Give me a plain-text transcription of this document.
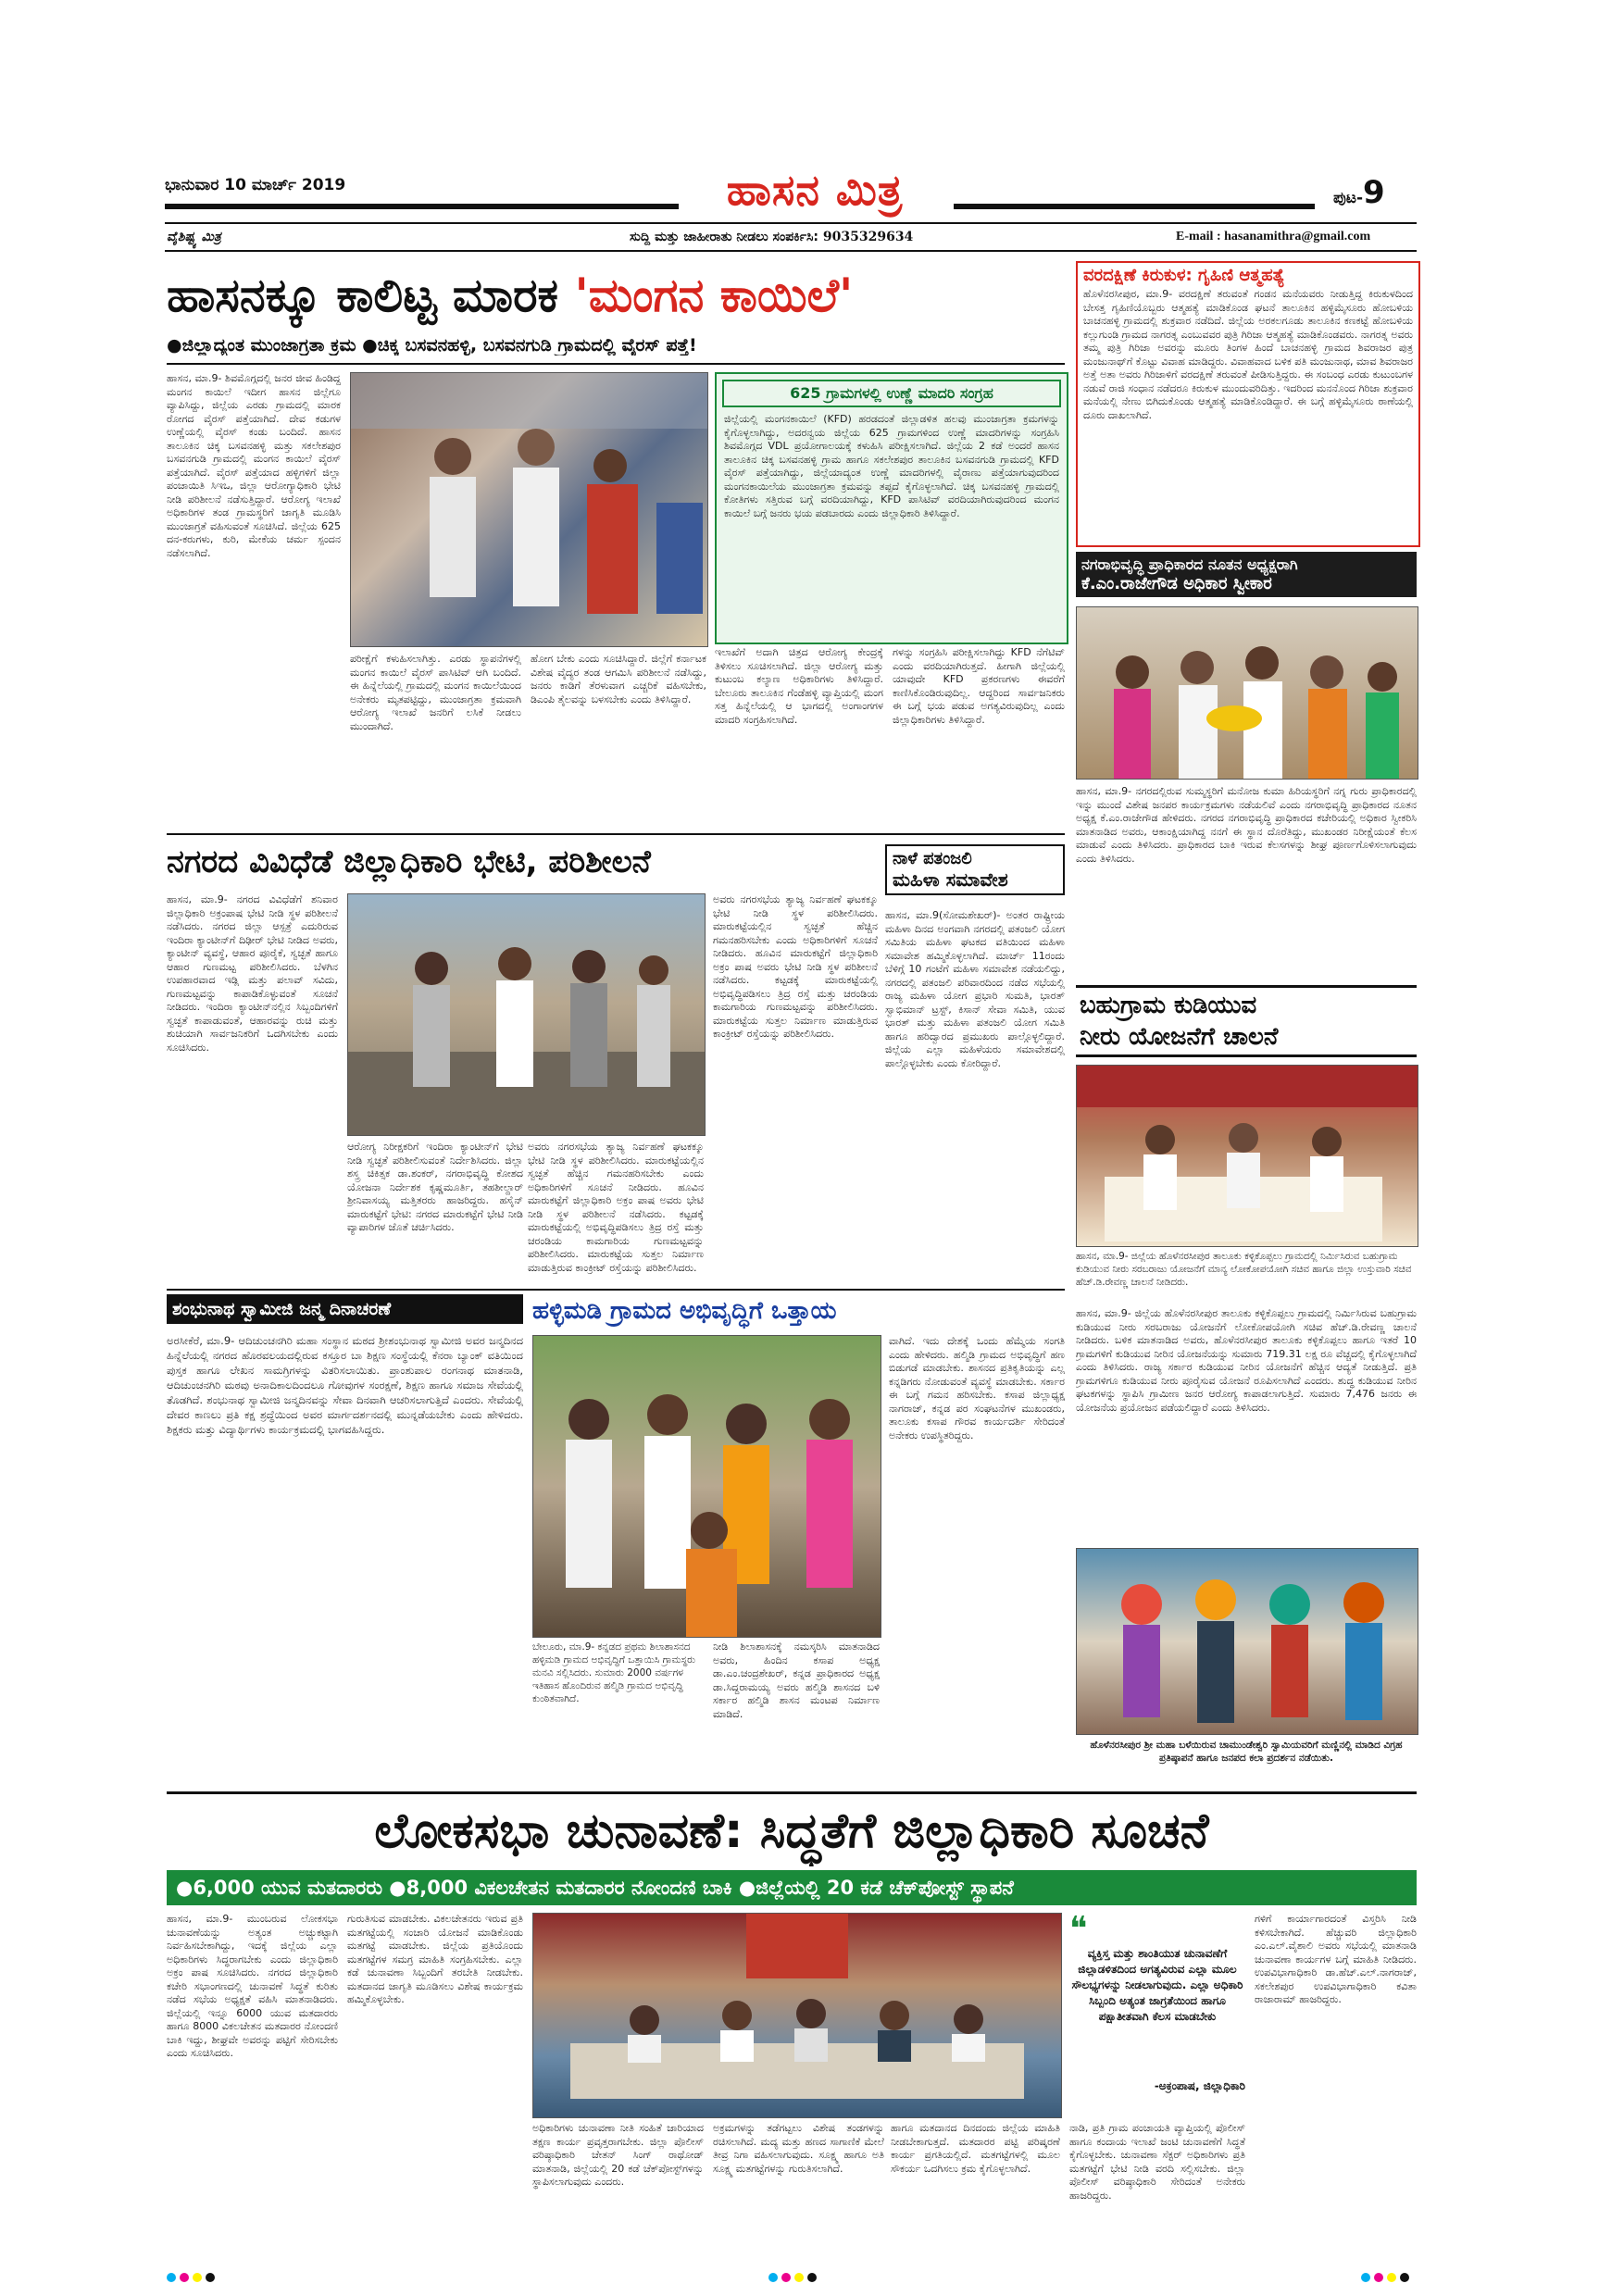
ಭಾನುವಾರ 10 ಮಾರ್ಚ್ 2019	ಹಾಸನ ಮಿತ್ರ	ಪುಟ-9
ವೈಶಿಷ್ಟ್ಯ ಮಿತ್ರ	ಸುದ್ದಿ ಮತ್ತು ಜಾಹೀರಾತು ನೀಡಲು ಸಂಪರ್ಕಿಸಿ: 9035329634	E-mail : hasanamithra@gmail.com
ಹಾಸನಕ್ಕೂ ಕಾಲಿಟ್ಟ ಮಾರಕ 'ಮಂಗನ ಕಾಯಿಲೆ'
●ಜಿಲ್ಲಾದ್ಯಂತ ಮುಂಜಾಗ್ರತಾ ಕ್ರಮ ●ಚಿಕ್ಕ ಬಸವನಹಳ್ಳಿ, ಬಸವನಗುಡಿ ಗ್ರಾಮದಲ್ಲಿ ವೈರಸ್ ಪತ್ತೆ!
ಹಾಸನ, ಮಾ.9- ಶಿವಮೊಗ್ಗದಲ್ಲಿ ಜನರ ಜೀವ ಹಿಂಡಿದ್ದ ಮಂಗನ ಕಾಯಿಲೆ ಇದೀಗ ಹಾಸನ ಜಿಲ್ಲೆಗೂ ವ್ಯಾಪಿಸಿದ್ದು, ಜಿಲ್ಲೆಯ ಎರಡು ಗ್ರಾಮದಲ್ಲಿ ಮಾರಕ ರೋಗದ ವೈರಸ್ ಪತ್ತೆಯಾಗಿದೆ. ದೇವ ಕಡುಗಳ ಉಣ್ಣೆಯಲ್ಲಿ ವೈರಸ್ ಕಂಡು ಬಂದಿದೆ. ಹಾಸನ ತಾಲೂಕಿನ ಚಿಕ್ಕ ಬಸವನಹಳ್ಳಿ ಮತ್ತು ಸಕಲೇಶಪುರ ಬಸವನಗುಡಿ ಗ್ರಾಮದಲ್ಲಿ ಮಂಗನ ಕಾಯಿಲೆ ವೈರಸ್ ಪತ್ತೆಯಾಗಿದೆ. ವೈರಸ್ ಪತ್ತೆಯಾದ ಹಳ್ಳಿಗಳಿಗೆ ಜಿಲ್ಲಾ ಪಂಚಾಯಿತಿ ಸಿಇಒ, ಜಿಲ್ಲಾ ಆರೋಗ್ಯಾಧಿಕಾರಿ ಭೇಟಿ ನೀಡಿ ಪರಿಶೀಲನೆ ನಡೆಸುತ್ತಿದ್ದಾರೆ. ಆರೋಗ್ಯ ಇಲಾಖೆ ಅಧಿಕಾರಿಗಳ ತಂಡ ಗ್ರಾಮಸ್ಥರಿಗೆ ಜಾಗೃತಿ ಮೂಡಿಸಿ ಮುಂಜಾಗ್ರತೆ ವಹಿಸುವಂತೆ ಸೂಚಿಸಿದೆ. ಜಿಲ್ಲೆಯ 625 ದನ-ಕರುಗಳು, ಕುರಿ, ಮೇಕೆಯ ಚರ್ಮ ಸ್ಪಂದನ ನಡೆಸಲಾಗಿದೆ.
ಪರೀಕ್ಷೆಗೆ ಕಳುಹಿಸಲಾಗಿತ್ತು. ಎರಡು ಸ್ಥಾಪನೆಗಳಲ್ಲಿ ಮಂಗನ ಕಾಯಿಲೆ ವೈರಸ್ ಪಾಸಿಟಿವ್ ಆಗಿ ಬಂದಿದೆ. ಈ ಹಿನ್ನೆಲೆಯಲ್ಲಿ ಗ್ರಾಮದಲ್ಲಿ ಮಂಗನ ಕಾಯಿಲೆಯಿಂದ ಅನೇಕರು ಮೃತಪಟ್ಟಿದ್ದು, ಮುಂಜಾಗ್ರತಾ ಕ್ರಮವಾಗಿ ಆರೋಗ್ಯ ಇಲಾಖೆ ಜನರಿಗೆ ಲಸಿಕೆ ನೀಡಲು ಮುಂದಾಗಿದೆ.
ಹೋಗ ಬೇಕು ಎಂದು ಸೂಚಿಸಿದ್ದಾರೆ. ಜಿಲ್ಲೆಗೆ ಕರ್ನಾಟಕ ವಿಶೇಷ ವೈದ್ಯರ ತಂಡ ಆಗಮಿಸಿ ಪರಿಶೀಲನೆ ನಡೆಸಿದ್ದು, ಜನರು ಕಾಡಿಗೆ ತೆರಳುವಾಗ ಎಚ್ಚರಿಕೆ ವಹಿಸಬೇಕು, ಡಿಎಂಪಿ ತೈಲವನ್ನು ಬಳಸಬೇಕು ಎಂದು ತಿಳಿಸಿದ್ದಾರೆ.
625 ಗ್ರಾಮಗಳಲ್ಲಿ ಉಣ್ಣೆ ಮಾದರಿ ಸಂಗ್ರಹ
ಜಿಲ್ಲೆಯಲ್ಲಿ ಮಂಗನಕಾಯಿಲೆ (KFD) ಹರಡದಂತೆ ಜಿಲ್ಲಾಡಳಿತ ಹಲವು ಮುಂಜಾಗ್ರತಾ ಕ್ರಮಗಳನ್ನು ಕೈಗೊಳ್ಳಲಾಗಿದ್ದು, ಅದರನ್ವಯ ಜಿಲ್ಲೆಯ 625 ಗ್ರಾಮಗಳಿಂದ ಉಣ್ಣೆ ಮಾದರಿಗಳನ್ನು ಸಂಗ್ರಹಿಸಿ ಶಿವಮೊಗ್ಗದ VDL ಪ್ರಯೋಗಾಲಯಕ್ಕೆ ಕಳುಹಿಸಿ ಪರೀಕ್ಷಿಸಲಾಗಿದೆ. ಜಿಲ್ಲೆಯ 2 ಕಡೆ ಅಂದರೆ ಹಾಸನ ತಾಲೂಕಿನ ಚಿಕ್ಕ ಬಸವನಹಳ್ಳಿ ಗ್ರಾಮ ಹಾಗೂ ಸಕಲೇಶಪುರ ತಾಲೂಕಿನ ಬಸವನಗುಡಿ ಗ್ರಾಮದಲ್ಲಿ KFD ವೈರಸ್ ಪತ್ತೆಯಾಗಿದ್ದು, ಜಿಲ್ಲೆಯಾದ್ಯಂತ ಉಣ್ಣೆ ಮಾದರಿಗಳಲ್ಲಿ ವೈರಾಣು ಪತ್ತೆಯಾಗುವುದರಿಂದ ಮಂಗನಕಾಯಿಲೆಯ ಮುಂಜಾಗ್ರತಾ ಕ್ರಮವನ್ನು ತಪ್ಪದೆ ಕೈಗೊಳ್ಳಲಾಗಿದೆ. ಚಿಕ್ಕ ಬಸವನಹಳ್ಳಿ ಗ್ರಾಮದಲ್ಲಿ ಕೋತಿಗಳು ಸತ್ತಿರುವ ಬಗ್ಗೆ ವರದಿಯಾಗಿದ್ದು, KFD ಪಾಸಿಟಿವ್ ವರದಿಯಾಗಿರುವುದರಿಂದ ಮಂಗನ ಕಾಯಿಲೆ ಬಗ್ಗೆ ಜನರು ಭಯ ಪಡಬಾರದು ಎಂದು ಜಿಲ್ಲಾಧಿಕಾರಿ ತಿಳಿಸಿದ್ದಾರೆ.
ಇಲಾಖೆಗೆ ಅದಾಗಿ ಚಿತ್ರದ ಆರೋಗ್ಯ ಕೇಂದ್ರಕ್ಕೆ ತಿಳಿಸಲು ಸೂಚಿಸಲಾಗಿದೆ. ಜಿಲ್ಲಾ ಆರೋಗ್ಯ ಮತ್ತು ಕುಟುಂಬ ಕಲ್ಯಾಣ ಅಧಿಕಾರಿಗಳು ತಿಳಿಸಿದ್ದಾರೆ. ಬೇಲೂರು ತಾಲೂಕಿನ ಗೆಂಡೆಹಳ್ಳಿ ವ್ಯಾಪ್ತಿಯಲ್ಲಿ ಮಂಗ ಸತ್ತ ಹಿನ್ನೆಲೆಯಲ್ಲಿ ಆ ಭಾಗದಲ್ಲಿ ಅಂಗಾಂಗಗಳ ಮಾದರಿ ಸಂಗ್ರಹಿಸಲಾಗಿದೆ.
ಗಳನ್ನು ಸಂಗ್ರಹಿಸಿ ಪರೀಕ್ಷಿಸಲಾಗಿದ್ದು KFD ನೆಗೆಟಿವ್ ಎಂದು ವರದಿಯಾಗಿರುತ್ತದೆ. ಹೀಗಾಗಿ ಜಿಲ್ಲೆಯಲ್ಲಿ ಯಾವುದೇ KFD ಪ್ರಕರಣಗಳು ಈವರೆಗೆ ಕಾಣಿಸಿಕೊಂಡಿರುವುದಿಲ್ಲ. ಆದ್ದರಿಂದ ಸಾರ್ವಜನಿಕರು ಈ ಬಗ್ಗೆ ಭಯ ಪಡುವ ಅಗತ್ಯವಿರುವುದಿಲ್ಲ ಎಂದು ಜಿಲ್ಲಾಧಿಕಾರಿಗಳು ತಿಳಿಸಿದ್ದಾರೆ.
ವರದಕ್ಷಿಣೆ ಕಿರುಕುಳ: ಗೃಹಿಣಿ ಆತ್ಮಹತ್ಯೆ
ಹೊಳೆನರಸೀಪುರ, ಮಾ.9- ವರದಕ್ಷಿಣೆ ತರುವಂತೆ ಗಂಡನ ಮನೆಯವರು ನೀಡುತ್ತಿದ್ದ ಕಿರುಕುಳದಿಂದ ಬೇಸತ್ತ ಗೃಹಿಣಿಯೊಬ್ಬರು ಆತ್ಮಹತ್ಯೆ ಮಾಡಿಕೊಂಡ ಘಟನೆ ತಾಲೂಕಿನ ಹಳ್ಳಿಮೈಸೂರು ಹೋಬಳಿಯ ಬಾಚನಹಳ್ಳಿ ಗ್ರಾಮದಲ್ಲಿ ಶುಕ್ರವಾರ ನಡೆದಿದೆ. ಜಿಲ್ಲೆಯ ಅರಕಲಗೂಡು ತಾಲೂಕಿನ ಕಣಕಟ್ಟೆ ಹೋಬಳಿಯ ಕಲ್ಲುಗುಂಡಿ ಗ್ರಾಮದ ನಾಗರತ್ನ ಎಂಬುವವರ ಪುತ್ರಿ ಗಿರಿಜಾ ಆತ್ಮಹತ್ಯೆ ಮಾಡಿಕೊಂಡವರು. ನಾಗರತ್ನ ಅವರು ತಮ್ಮ ಪುತ್ರಿ ಗಿರಿಜಾ ಅವರನ್ನು ಮೂರು ತಿಂಗಳ ಹಿಂದೆ ಬಾಚನಹಳ್ಳಿ ಗ್ರಾಮದ ಶಿವರಾಜರ ಪುತ್ರ ಮಂಜುನಾಥ್‌ಗೆ ಕೊಟ್ಟು ವಿವಾಹ ಮಾಡಿದ್ದರು. ವಿವಾಹವಾದ ಬಳಿಕ ಪತಿ ಮಂಜುನಾಥ, ಮಾವ ಶಿವರಾಜರ ಅತ್ತೆ ಅತಾ ಅವರು ಗಿರಿಜಾಳಿಗೆ ವರದಕ್ಷಿಣೆ ತರುವಂತೆ ಪೀಡಿಸುತ್ತಿದ್ದರು. ಈ ಸಂಬಂಧ ಎರಡು ಕುಟುಂಬಗಳ ನಡುವೆ ರಾಜಿ ಸಂಧಾನ ನಡೆದರೂ ಕಿರುಕುಳ ಮುಂದುವರಿದಿತ್ತು. ಇದರಿಂದ ಮನನೊಂದ ಗಿರಿಜಾ ಶುಕ್ರವಾರ ಮನೆಯಲ್ಲಿ ನೇಣು ಬಿಗಿದುಕೊಂಡು ಆತ್ಮಹತ್ಯೆ ಮಾಡಿಕೊಂಡಿದ್ದಾರೆ. ಈ ಬಗ್ಗೆ ಹಳ್ಳಿಮೈಸೂರು ಠಾಣೆಯಲ್ಲಿ ದೂರು ದಾಖಲಾಗಿದೆ.
ನಗರಾಭಿವೃದ್ಧಿ ಪ್ರಾಧಿಕಾರದ ನೂತನ ಅಧ್ಯಕ್ಷರಾಗಿ
ಕೆ.ಎಂ.ರಾಜೇಗೌಡ ಅಧಿಕಾರ ಸ್ವೀಕಾರ
ಹಾಸನ, ಮಾ.9- ನಗರದಲ್ಲಿರುವ ಸುಮ್ಮಸ್ಥರಿಗೆ ಮನೋಜ ಕುಮಾ ಹಿರಿಯಸ್ಥರಿಗೆ ನಗ್ನ ಗುರು ಪ್ರಾಧಿಕಾರದಲ್ಲಿ ಇನ್ನು ಮುಂದೆ ವಿಶೇಷ ಜನಪರ ಕಾರ್ಯಕ್ರಮಗಳು ನಡೆಯಲಿವೆ ಎಂದು ನಗರಾಭಿವೃದ್ಧಿ ಪ್ರಾಧಿಕಾರದ ನೂತನ ಅಧ್ಯಕ್ಷ ಕೆ.ಎಂ.ರಾಜೇಗೌಡ ಹೇಳಿದರು. ನಗರದ ನಗರಾಭಿವೃದ್ಧಿ ಪ್ರಾಧಿಕಾರದ ಕಚೇರಿಯಲ್ಲಿ ಅಧಿಕಾರ ಸ್ವೀಕರಿಸಿ ಮಾತನಾಡಿದ ಅವರು, ಆಕಾಂಕ್ಷಿಯಾಗಿದ್ದ ನನಗೆ ಈ ಸ್ಥಾನ ದೊರೆತಿದ್ದು, ಮುಖಂಡರ ನಿರೀಕ್ಷೆಯಂತೆ ಕೆಲಸ ಮಾಡುವೆ ಎಂದು ತಿಳಿಸಿದರು. ಪ್ರಾಧಿಕಾರದ ಬಾಕಿ ಇರುವ ಕೆಲಸಗಳನ್ನು ಶೀಘ್ರ ಪೂರ್ಣಗೊಳಿಸಲಾಗುವುದು ಎಂದು ತಿಳಿಸಿದರು.
ಬಹುಗ್ರಾಮ ಕುಡಿಯುವ
ನೀರು ಯೋಜನೆಗೆ ಚಾಲನೆ
ಹಾಸನ, ಮಾ.9- ಜಿಲ್ಲೆಯ ಹೊಳೆನರಸೀಪುರ ತಾಲೂಕು ಕಳ್ಳಿಕೊಪ್ಪಲು ಗ್ರಾಮದಲ್ಲಿ ನಿರ್ಮಿಸಿರುವ ಬಹುಗ್ರಾಮ ಕುಡಿಯುವ ನೀರು ಸರಬರಾಜು ಯೋಜನೆಗೆ ಮಾನ್ಯ ಲೋಕೋಪಯೋಗಿ ಸಚಿವ ಹಾಗೂ ಜಿಲ್ಲಾ ಉಸ್ತುವಾರಿ ಸಚಿವ ಹೆಚ್.ಡಿ.ರೇವಣ್ಣ ಚಾಲನೆ ನೀಡಿದರು.
ಹಾಸನ, ಮಾ.9- ಜಿಲ್ಲೆಯ ಹೊಳೆನರಸೀಪುರ ತಾಲೂಕು ಕಳ್ಳಿಕೊಪ್ಪಲು ಗ್ರಾಮದಲ್ಲಿ ನಿರ್ಮಿಸಿರುವ ಬಹುಗ್ರಾಮ ಕುಡಿಯುವ ನೀರು ಸರಬರಾಜು ಯೋಜನೆಗೆ ಲೋಕೋಪಯೋಗಿ ಸಚಿವ ಹೆಚ್.ಡಿ.ರೇವಣ್ಣ ಚಾಲನೆ ನೀಡಿದರು. ಬಳಿಕ ಮಾತನಾಡಿದ ಅವರು, ಹೊಳೆನರಸೀಪುರ ತಾಲೂಕು ಕಳ್ಳಿಕೊಪ್ಪಲು ಹಾಗೂ ಇತರೆ 10 ಗ್ರಾಮಗಳಿಗೆ ಕುಡಿಯುವ ನೀರಿನ ಯೋಜನೆಯನ್ನು ಸುಮಾರು 719.31 ಲಕ್ಷ ರೂ ವೆಚ್ಚದಲ್ಲಿ ಕೈಗೊಳ್ಳಲಾಗಿದೆ ಎಂದು ತಿಳಿಸಿದರು. ರಾಜ್ಯ ಸರ್ಕಾರ ಕುಡಿಯುವ ನೀರಿನ ಯೋಜನೆಗೆ ಹೆಚ್ಚಿನ ಆದ್ಯತೆ ನೀಡುತ್ತಿದೆ. ಪ್ರತಿ ಗ್ರಾಮಗಳಿಗೂ ಕುಡಿಯುವ ನೀರು ಪೂರೈಸುವ ಯೋಜನೆ ರೂಪಿಸಲಾಗಿದೆ ಎಂದರು. ಶುದ್ಧ ಕುಡಿಯುವ ನೀರಿನ ಘಟಕಗಳನ್ನು ಸ್ಥಾಪಿಸಿ ಗ್ರಾಮೀಣ ಜನರ ಆರೋಗ್ಯ ಕಾಪಾಡಲಾಗುತ್ತಿದೆ. ಸುಮಾರು 7,476 ಜನರು ಈ ಯೋಜನೆಯ ಪ್ರಯೋಜನ ಪಡೆಯಲಿದ್ದಾರೆ ಎಂದು ತಿಳಿಸಿದರು.
ಹೊಳೆನರಸೀಪುರ ಶ್ರೀ ಮಹಾ ಬಳೆಯಿರುವ ಚಾಮುಂಡೇಶ್ವರಿ ಸ್ವಾಮಿಯವರಿಗೆ ಮಣ್ಣಿನಲ್ಲಿ ಮಾಡಿದ ವಿಗ್ರಹ ಪ್ರತಿಷ್ಠಾಪನೆ ಹಾಗೂ ಜನಪದ ಕಲಾ ಪ್ರದರ್ಶನ ನಡೆಯಿತು.
ನಗರದ ವಿವಿಧೆಡೆ ಜಿಲ್ಲಾಧಿಕಾರಿ ಭೇಟಿ, ಪರಿಶೀಲನೆ
ಹಾಸನ, ಮಾ.9- ನಗರದ ವಿವಿಧೆಡೆಗೆ ಶನಿವಾರ ಜಿಲ್ಲಾಧಿಕಾರಿ ಅಕ್ರಂಪಾಷ ಭೇಟಿ ನೀಡಿ ಸ್ಥಳ ಪರಿಶೀಲನೆ ನಡೆಸಿದರು. ನಗರದ ಜಿಲ್ಲಾ ಆಸ್ಪತ್ರೆ ಎದುರಿರುವ ಇಂದಿರಾ ಕ್ಯಾಂಟೀನ್‌ಗೆ ದಿಢೀರ್ ಭೇಟಿ ನೀಡಿದ ಅವರು, ಕ್ಯಾಂಟೀನ್ ವ್ಯವಸ್ಥೆ, ಆಹಾರ ಪೂರೈಕೆ, ಸ್ವಚ್ಛತೆ ಹಾಗೂ ಆಹಾರ ಗುಣಮಟ್ಟ ಪರಿಶೀಲಿಸಿದರು. ಬೆಳಗಿನ ಉಪಹಾರವಾದ ಇಡ್ಲಿ ಮತ್ತು ಪಲಾವ್ ಸವಿದು, ಗುಣಮಟ್ಟವನ್ನು ಕಾಪಾಡಿಕೊಳ್ಳುವಂತೆ ಸೂಚನೆ ನೀಡಿದರು. ಇಂದಿರಾ ಕ್ಯಾಂಟೀನ್‌ನಲ್ಲಿನ ಸಿಬ್ಬಂದಿಗಳಿಗೆ ಸ್ವಚ್ಛತೆ ಕಾಪಾಡುವಂತೆ, ಆಹಾರವನ್ನು ರುಚಿ ಮತ್ತು ಶುಚಿಯಾಗಿ ಸಾರ್ವಜನಿಕರಿಗೆ ಒದಗಿಸಬೇಕು ಎಂದು ಸೂಚಿಸಿದರು.
ಆರೋಗ್ಯ ನಿರೀಕ್ಷಕರಿಗೆ ಇಂದಿರಾ ಕ್ಯಾಂಟೀನ್‌ಗೆ ಭೇಟಿ ನೀಡಿ ಸ್ವಚ್ಛತೆ ಪರಿಶೀಲಿಸುವಂತೆ ನಿರ್ದೇಶಿಸಿದರು. ಜಿಲ್ಲಾ ಶಸ್ತ್ರ ಚಿಕಿತ್ಸಕ ಡಾ.ಶಂಕರ್, ನಗರಾಭಿವೃದ್ಧಿ ಕೋಶದ ಯೋಜನಾ ನಿರ್ದೇಶಕ ಕೃಷ್ಣಮೂರ್ತಿ, ತಹಶೀಲ್ದಾರ್ ಶ್ರೀನಿವಾಸಯ್ಯ ಮತ್ತಿತರರು ಹಾಜರಿದ್ದರು. ಹಸೈನ್ ಮಾರುಕಟ್ಟೆಗೆ ಭೇಟಿ: ನಗರದ ಮಾರುಕಟ್ಟೆಗೆ ಭೇಟಿ ನೀಡಿ ವ್ಯಾಪಾರಿಗಳ ಜೊತೆ ಚರ್ಚಿಸಿದರು.
ಅವರು ನಗರಸಭೆಯ ತ್ಯಾಜ್ಯ ನಿರ್ವಹಣೆ ಘಟಕಕ್ಕೂ ಭೇಟಿ ನೀಡಿ ಸ್ಥಳ ಪರಿಶೀಲಿಸಿದರು. ಮಾರುಕಟ್ಟೆಯಲ್ಲಿನ ಸ್ವಚ್ಛತೆ ಹೆಚ್ಚಿನ ಗಮನಹರಿಸಬೇಕು ಎಂದು ಅಧಿಕಾರಿಗಳಿಗೆ ಸೂಚನೆ ನೀಡಿದರು. ಹೂವಿನ ಮಾರುಕಟ್ಟೆಗೆ ಜಿಲ್ಲಾಧಿಕಾರಿ ಅಕ್ರಂ ಪಾಷ ಅವರು ಭೇಟಿ ನೀಡಿ ಸ್ಥಳ ಪರಿಶೀಲನೆ ನಡೆಸಿದರು. ಕಟ್ಟಡಕ್ಕೆ ಮಾರುಕಟ್ಟೆಯಲ್ಲಿ ಅಭಿವೃದ್ಧಿಪಡಿಸಲು ತ್ರಿದ್ರ ರಸ್ತೆ ಮತ್ತು ಚರಂಡಿಯ ಕಾಮಗಾರಿಯ ಗುಣಮಟ್ಟವನ್ನು ಪರಿಶೀಲಿಸಿದರು. ಮಾರುಕಟ್ಟೆಯ ಸುತ್ತಲ ನಿರ್ಮಾಣ ಮಾಡುತ್ತಿರುವ ಕಾಂಕ್ರೀಟ್ ರಸ್ತೆಯನ್ನು ಪರಿಶೀಲಿಸಿದರು.
ಅವರು ನಗರಸಭೆಯ ತ್ಯಾಜ್ಯ ನಿರ್ವಹಣೆ ಘಟಕಕ್ಕೂ ಭೇಟಿ ನೀಡಿ ಸ್ಥಳ ಪರಿಶೀಲಿಸಿದರು. ಮಾರುಕಟ್ಟೆಯಲ್ಲಿನ ಸ್ವಚ್ಛತೆ ಹೆಚ್ಚಿನ ಗಮನಹರಿಸಬೇಕು ಎಂದು ಅಧಿಕಾರಿಗಳಿಗೆ ಸೂಚನೆ ನೀಡಿದರು. ಹೂವಿನ ಮಾರುಕಟ್ಟೆಗೆ ಜಿಲ್ಲಾಧಿಕಾರಿ ಅಕ್ರಂ ಪಾಷ ಅವರು ಭೇಟಿ ನೀಡಿ ಸ್ಥಳ ಪರಿಶೀಲನೆ ನಡೆಸಿದರು. ಕಟ್ಟಡಕ್ಕೆ ಮಾರುಕಟ್ಟೆಯಲ್ಲಿ ಅಭಿವೃದ್ಧಿಪಡಿಸಲು ತ್ರಿದ್ರ ರಸ್ತೆ ಮತ್ತು ಚರಂಡಿಯ ಕಾಮಗಾರಿಯ ಗುಣಮಟ್ಟವನ್ನು ಪರಿಶೀಲಿಸಿದರು. ಮಾರುಕಟ್ಟೆಯ ಸುತ್ತಲ ನಿರ್ಮಾಣ ಮಾಡುತ್ತಿರುವ ಕಾಂಕ್ರೀಟ್ ರಸ್ತೆಯನ್ನು ಪರಿಶೀಲಿಸಿದರು.
ನಾಳೆ ಪತಂಜಲಿ
ಮಹಿಳಾ ಸಮಾವೇಶ
ಹಾಸನ, ಮಾ.9(ಸೋಮಶೇಖರ್)- ಅಂತರ ರಾಷ್ಟ್ರೀಯ ಮಹಿಳಾ ದಿನದ ಅಂಗವಾಗಿ ನಗರದಲ್ಲಿ ಪತಂಜಲಿ ಯೋಗ ಸಮಿತಿಯ ಮಹಿಳಾ ಘಟಕದ ವತಿಯಿಂದ ಮಹಿಳಾ ಸಮಾವೇಶ ಹಮ್ಮಿಕೊಳ್ಳಲಾಗಿದೆ. ಮಾರ್ಚ್ 11ರಂದು ಬೆಳಿಗ್ಗೆ 10 ಗಂಟೆಗೆ ಮಹಿಳಾ ಸಮಾವೇಶ ನಡೆಯಲಿದ್ದು, ನಗರದಲ್ಲಿ ಪತಂಜಲಿ ಪರಿವಾರದಿಂದ ನಡೆದ ಸಭೆಯಲ್ಲಿ ರಾಜ್ಯ ಮಹಿಳಾ ಯೋಗ ಪ್ರಭಾರಿ ಸುಮತಿ, ಭಾರತ್ ಸ್ವಾಭಿಮಾನ್ ಟ್ರಸ್ಟ್, ಕಿಸಾನ್ ಸೇವಾ ಸಮಿತಿ, ಯುವ ಭಾರತ್ ಮತ್ತು ಮಹಿಳಾ ಪತಂಜಲಿ ಯೋಗ ಸಮಿತಿ ಹಾಗೂ ಹರಿದ್ವಾರದ ಪ್ರಮುಖರು ಪಾಲ್ಗೊಳ್ಳಲಿದ್ದಾರೆ. ಜಿಲ್ಲೆಯ ಎಲ್ಲಾ ಮಹಿಳೆಯರು ಸಮಾವೇಶದಲ್ಲಿ ಪಾಲ್ಗೊಳ್ಳಬೇಕು ಎಂದು ಕೋರಿದ್ದಾರೆ.
ಶಂಭುನಾಥ ಸ್ವಾಮೀಜಿ ಜನ್ಮ ದಿನಾಚರಣೆ
ಅರಸೀಕೆರೆ, ಮಾ.9- ಆದಿಚುಂಚನಗಿರಿ ಮಹಾ ಸಂಸ್ಥಾನ ಮಠದ ಶ್ರೀಶಂಭುನಾಥ ಸ್ವಾಮೀಜಿ ಅವರ ಜನ್ಮದಿನದ ಹಿನ್ನೆಲೆಯಲ್ಲಿ ನಗರದ ಹೊರವಲಯದಲ್ಲಿರುವ ಕಸ್ತೂರ ಬಾ ಶಿಕ್ಷಣ ಸಂಸ್ಥೆಯಲ್ಲಿ ಕೆನರಾ ಬ್ಯಾಂಕ್ ವತಿಯಿಂದ ಪುಸ್ತಕ ಹಾಗೂ ಲೇಖನ ಸಾಮಗ್ರಿಗಳನ್ನು ವಿತರಿಸಲಾಯಿತು. ಪ್ರಾಂಶುಪಾಲ ರಂಗನಾಥ ಮಾತನಾಡಿ, ಆದಿಚುಂಚನಗಿರಿ ಮಠವು ಅನಾದಿಕಾಲದಿಂದಲೂ ಗೋವುಗಳ ಸಂರಕ್ಷಣೆ, ಶಿಕ್ಷಣ ಹಾಗೂ ಸಮಾಜ ಸೇವೆಯಲ್ಲಿ ತೊಡಗಿದೆ. ಶಂಭುನಾಥ ಸ್ವಾಮೀಜಿ ಜನ್ಮದಿನವನ್ನು ಸೇವಾ ದಿನವಾಗಿ ಆಚರಿಸಲಾಗುತ್ತಿದೆ ಎಂದರು. ಸೇವೆಯಲ್ಲಿ ದೇವರ ಕಾಣಲು ಪ್ರತಿ ಕಕ್ಷ ಶ್ರದ್ಧೆಯಿಂದ ಅವರ ಮಾರ್ಗದರ್ಶನದಲ್ಲಿ ಮುನ್ನಡೆಯಬೇಕು ಎಂದು ಹೇಳಿದರು. ಶಿಕ್ಷಕರು ಮತ್ತು ವಿದ್ಯಾರ್ಥಿಗಳು ಕಾರ್ಯಕ್ರಮದಲ್ಲಿ ಭಾಗವಹಿಸಿದ್ದರು.
ಹಳ್ಳಿಮಡಿ ಗ್ರಾಮದ ಅಭಿವೃದ್ಧಿಗೆ ಒತ್ತಾಯ
ಬೇಲೂರು, ಮಾ.9- ಕನ್ನಡದ ಪ್ರಥಮ ಶಿಲಾಶಾಸನದ ಹಳ್ಳಿಮಡಿ ಗ್ರಾಮದ ಅಭಿವೃದ್ಧಿಗೆ ಒತ್ತಾಯಿಸಿ ಗ್ರಾಮಸ್ಥರು ಮನವಿ ಸಲ್ಲಿಸಿದರು. ಸುಮಾರು 2000 ವರ್ಷಗಳ ಇತಿಹಾಸ ಹೊಂದಿರುವ ಹಲ್ಮಿಡಿ ಗ್ರಾಮದ ಅಭಿವೃದ್ಧಿ ಕುಂಠಿತವಾಗಿದೆ.
ನೀಡಿ ಶಿಲಾಶಾಸನಕ್ಕೆ ನಮಸ್ಕರಿಸಿ ಮಾತನಾಡಿದ ಅವರು, ಹಿಂದಿನ ಕಸಾಪ ಅಧ್ಯಕ್ಷ ಡಾ.ಎಂ.ಚಂದ್ರಶೇಖರ್, ಕನ್ನಡ ಪ್ರಾಧಿಕಾರದ ಅಧ್ಯಕ್ಷ ಡಾ.ಸಿದ್ದರಾಮಯ್ಯ ಅವರು ಹಲ್ಮಿಡಿ ಶಾಸನದ ಬಳಿ ಸರ್ಕಾರ ಹಲ್ಮಿಡಿ ಶಾಸನ ಮಂಟಪ ನಿರ್ಮಾಣ ಮಾಡಿದೆ.
ವಾಗಿದೆ. ಇದು ದೇಶಕ್ಕೆ ಒಂದು ಹೆಮ್ಮೆಯ ಸಂಗತಿ ಎಂದು ಹೇಳಿದರು. ಹಲ್ಮಿಡಿ ಗ್ರಾಮದ ಅಭಿವೃದ್ಧಿಗೆ ಹಣ ಬಿಡುಗಡೆ ಮಾಡಬೇಕು. ಶಾಸನದ ಪ್ರತಿಕೃತಿಯನ್ನು ಎಲ್ಲ ಕನ್ನಡಿಗರು ನೋಡುವಂತೆ ವ್ಯವಸ್ಥೆ ಮಾಡಬೇಕು. ಸರ್ಕಾರ ಈ ಬಗ್ಗೆ ಗಮನ ಹರಿಸಬೇಕು. ಕಸಾಪ ಜಿಲ್ಲಾಧ್ಯಕ್ಷ ನಾಗರಾಜ್, ಕನ್ನಡ ಪರ ಸಂಘಟನೆಗಳ ಮುಖಂಡರು, ತಾಲೂಕು ಕಸಾಪ ಗೌರವ ಕಾರ್ಯದರ್ಶಿ ಸೇರಿದಂತೆ ಅನೇಕರು ಉಪಸ್ಥಿತರಿದ್ದರು.
ಲೋಕಸಭಾ ಚುನಾವಣೆ: ಸಿದ್ಧತೆಗೆ ಜಿಲ್ಲಾಧಿಕಾರಿ ಸೂಚನೆ
●6,000 ಯುವ ಮತದಾರರು ●8,000 ವಿಕಲಚೇತನ ಮತದಾರರ ನೋಂದಣಿ ಬಾಕಿ ●ಜಿಲ್ಲೆಯಲ್ಲಿ 20 ಕಡೆ ಚೆಕ್‌ಪೋಸ್ಟ್ ಸ್ಥಾಪನೆ
ಹಾಸನ, ಮಾ.9- ಮುಂಬರುವ ಲೋಕಸಭಾ ಚುನಾವಣೆಯನ್ನು ಅತ್ಯಂತ ಅಚ್ಚುಕಟ್ಟಾಗಿ ನಿರ್ವಹಿಸಬೇಕಾಗಿದ್ದು, ಇದಕ್ಕೆ ಜಿಲ್ಲೆಯ ಎಲ್ಲಾ ಅಧಿಕಾರಿಗಳು ಸಿದ್ಧರಾಗಬೇಕು ಎಂದು ಜಿಲ್ಲಾಧಿಕಾರಿ ಅಕ್ರಂ ಪಾಷ ಸೂಚಿಸಿದರು. ನಗರದ ಜಿಲ್ಲಾಧಿಕಾರಿ ಕಚೇರಿ ಸಭಾಂಗಣದಲ್ಲಿ ಚುನಾವಣೆ ಸಿದ್ಧತೆ ಕುರಿತು ನಡೆದ ಸಭೆಯ ಅಧ್ಯಕ್ಷತೆ ವಹಿಸಿ ಮಾತನಾಡಿದರು. ಜಿಲ್ಲೆಯಲ್ಲಿ ಇನ್ನೂ 6000 ಯುವ ಮತದಾರರು ಹಾಗೂ 8000 ವಿಕಲಚೇತನ ಮತದಾರರ ನೋಂದಣಿ ಬಾಕಿ ಇದ್ದು, ಶೀಘ್ರವೇ ಅವರನ್ನು ಪಟ್ಟಿಗೆ ಸೇರಿಸಬೇಕು ಎಂದು ಸೂಚಿಸಿದರು.
ಗುರುತಿಸುವ ಮಾಡಬೇಕು. ವಿಕಲಚೇತನರು ಇರುವ ಪ್ರತಿ ಮತಗಟ್ಟೆಯಲ್ಲಿ ಸಂಚಾರಿ ಯೋಜನೆ ಮಾಡಿಕೊಂಡು ಮತಗಟ್ಟೆ ಮಾಡಬೇಕು. ಜಿಲ್ಲೆಯ ಪ್ರತಿಯೊಂದು ಮತಗಟ್ಟೆಗಳ ಸಮಗ್ರ ಮಾಹಿತಿ ಸಂಗ್ರಹಿಸಬೇಕು. ಎಲ್ಲಾ ಕಡೆ ಚುನಾವಣಾ ಸಿಬ್ಬಂದಿಗೆ ತರಬೇತಿ ನೀಡಬೇಕು. ಮತದಾನದ ಜಾಗೃತಿ ಮೂಡಿಸಲು ವಿಶೇಷ ಕಾರ್ಯಕ್ರಮ ಹಮ್ಮಿಕೊಳ್ಳಬೇಕು.
ಅಧಿಕಾರಿಗಳು ಚುನಾವಣಾ ನೀತಿ ಸಂಹಿತೆ ಜಾರಿಯಾದ ತಕ್ಷಣ ಕಾರ್ಯ ಪ್ರವೃತ್ತರಾಗಬೇಕು. ಜಿಲ್ಲಾ ಪೊಲೀಸ್ ವರಿಷ್ಠಾಧಿಕಾರಿ ಚೇತನ್ ಸಿಂಗ್ ರಾಥೋಡ್ ಮಾತನಾಡಿ, ಜಿಲ್ಲೆಯಲ್ಲಿ 20 ಕಡೆ ಚೆಕ್‌ಪೋಸ್ಟ್‌ಗಳನ್ನು ಸ್ಥಾಪಿಸಲಾಗುವುದು ಎಂದರು.
ಅಕ್ರಮಗಳನ್ನು ತಡೆಗಟ್ಟಲು ವಿಶೇಷ ತಂಡಗಳನ್ನು ರಚಿಸಲಾಗಿದೆ. ಮದ್ಯ ಮತ್ತು ಹಣದ ಸಾಗಾಣಿಕೆ ಮೇಲೆ ತೀವ್ರ ನಿಗಾ ವಹಿಸಲಾಗುವುದು. ಸೂಕ್ಷ್ಮ ಹಾಗೂ ಅತಿ ಸೂಕ್ಷ್ಮ ಮತಗಟ್ಟೆಗಳನ್ನು ಗುರುತಿಸಲಾಗಿದೆ.
ಹಾಗೂ ಮತದಾನದ ದಿನದಂದು ಜಿಲ್ಲೆಯ ಮಾಹಿತಿ ನೀಡಬೇಕಾಗುತ್ತದೆ. ಮತದಾರರ ಪಟ್ಟಿ ಪರಿಷ್ಕರಣೆ ಕಾರ್ಯ ಪ್ರಗತಿಯಲ್ಲಿದೆ. ಮತಗಟ್ಟೆಗಳಲ್ಲಿ ಮೂಲ ಸೌಕರ್ಯ ಒದಗಿಸಲು ಕ್ರಮ ಕೈಗೊಳ್ಳಲಾಗಿದೆ.
❝
ವ್ಯಕ್ತಿಸ್ತ ಮತ್ತು ಶಾಂತಿಯುತ ಚುನಾವಣೆಗೆ ಜಿಲ್ಲಾಡಳಿತದಿಂದ ಅಗತ್ಯವಿರುವ ಎಲ್ಲಾ ಮೂಲ ಸೌಲಭ್ಯಗಳನ್ನು ನೀಡಲಾಗುವುದು. ಎಲ್ಲಾ ಅಧಿಕಾರಿ ಸಿಬ್ಬಂದಿ ಅತ್ಯಂತ ಜಾಗ್ರತೆಯಿಂದ ಹಾಗೂ ಪಕ್ಷಾತೀತವಾಗಿ ಕೆಲಸ ಮಾಡಬೇಕು
-ಅಕ್ರಂಪಾಷ, ಜಿಲ್ಲಾಧಿಕಾರಿ
ನಾಡಿ, ಪ್ರತಿ ಗ್ರಾಮ ಪಂಚಾಯತಿ ವ್ಯಾಪ್ತಿಯಲ್ಲಿ ಪೊಲೀಸ್ ಹಾಗೂ ಕಂದಾಯ ಇಲಾಖೆ ಜಂಟಿ ಚುನಾವಣೆಗೆ ಸಿದ್ಧತೆ ಕೈಗೊಳ್ಳಬೇಕು. ಚುನಾವಣಾ ಸೆಕ್ಟರ್ ಅಧಿಕಾರಿಗಳು ಪ್ರತಿ ಮತಗಟ್ಟೆಗೆ ಭೇಟಿ ನೀಡಿ ವರದಿ ಸಲ್ಲಿಸಬೇಕು. ಜಿಲ್ಲಾ ಪೊಲೀಸ್ ವರಿಷ್ಠಾಧಿಕಾರಿ ಸೇರಿದಂತೆ ಅನೇಕರು ಹಾಜರಿದ್ದರು.
ಗಳಿಗೆ ಕಾರ್ಯಾಗಾರದಂತೆ ವಿಸ್ತರಿಸಿ ನೀಡಿ ಕಳಿಸಬೇಕಾಗಿದೆ. ಹೆಚ್ಚುವರಿ ಜಿಲ್ಲಾಧಿಕಾರಿ ಎಂ.ಎಲ್.ವೈಶಾಲಿ ಅವರು ಸಭೆಯಲ್ಲಿ ಮಾತನಾಡಿ ಚುನಾವಣಾ ಕಾರ್ಯಗಳ ಬಗ್ಗೆ ಮಾಹಿತಿ ನೀಡಿದರು. ಉಪವಿಭಾಗಾಧಿಕಾರಿ ಡಾ.ಹೆಚ್.ಎಲ್.ನಾಗರಾಜ್, ಸಕಲೇಶಪುರ ಉಪವಿಭಾಗಾಧಿಕಾರಿ ಕವಿತಾ ರಾಜಾರಾಮ್ ಹಾಜರಿದ್ದರು.
